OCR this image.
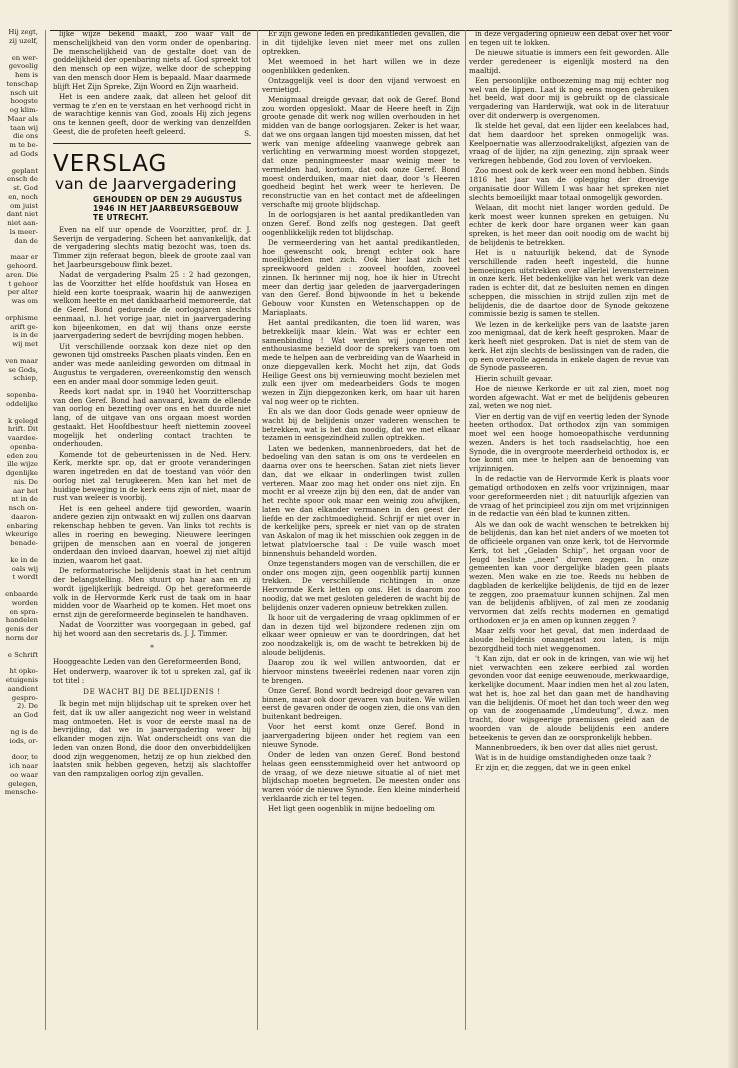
Hij zegt,
zij uzelf,
en wer-
gevoelig
hem is
tenschap
nsch uit
hoogste
og klim-
Maar als
taan wij
die ons
m te be-
ad Gods
geplant
ensch de
st. God
en, noch
om juist
dant niet
niet aan-
ls meer-
dan de
maar er
gehoord.
aren. Die
t gehoor
per alter
was om
orphisme
arift ge-
is in de
wij met
ven maar
se Gods,
schiep,
sopenba-
oddelijke
k gelegd
hrift. Dit
vaardee-
openba-
eden zou
ille wijze
dgenlijke
nis. De
aar het
nt in de
nsch on-
daaron-
enbaring
wkeurige
benade-
ke in de
oals wij
t wordt
enbaarde
worden
en spra-
handelen
genis der
norm der
e Schrift
ht opko-
etuigenis
aandient
gespro-
2). De
an God
ng is de
iods, or-
door, te
ich naar
oo waar
gelegen,
mensche-

lijke wijze bekend maakt, zoo waar valt de menschelijkheid van den vorm onder de openbaring. De menschelijkheid van de gestalte doet van de goddelijkheid der openbaring niets af. God spreekt tot den mensch op een wijze, welke door de schepping van den mensch door Hem is bepaald. Maar daarmede blijft Het Zijn Spreke, Zijn Woord en Zijn waarheid.

Het is een andere zaak, dat alleen het geloof dit vermag te z'en en te verstaan en het verhoogd richt in de warachtige kennis van God, zooals Hij zich jegens ons te kennen geeft, door de werking van denzelfden Geest, die de profeten heeft geleerd.	S.
VERSLAG
van de Jaarvergadering
GEHOUDEN OP DEN 29 AUGUSTUS
1946 IN HET JAARBEURSGEBOUW
TE UTRECHT.

Even na elf uur opende de Voorzitter, prof. dr. J. Severijn de vergadering. Scheen het aanvankelijk, dat de vergadering slechts matig bezocht was, toen ds. Timmer zijn referaat begon, bleek de groote zaal van het Jaarbeursgebouw flink bezet.

Nadat de vergadering Psalm 25 : 2 had gezongen, las de Voorzitter het elfde hoofdstuk van Hosea en hield een korte toespraak, waarin hij de aanwezigen welkom heette en met dankbaarheid memoreerde, dat de Geref. Bond gedurende de oorlogsjaren slechts eenmaal, n.l. het vorige jaar, niet in jaarvergadering kon bijeenkomen, en dat wij thans onze eerste jaarvergadering sedert de bevrijding mogen hebben.

Uit verschillende oorzaak kon deze niet op den gewonen tijd omstreeks Paschen plaats vinden. Een en ander was mede aanleiding geworden om ditmaal in Augustus te vergaderen, overeenkomstig den wensch een en ander maal door sommige leden geuit.

Reeds kort nadat spr. in 1940 het Voorzitterschap van den Geref. Bond had aanvaard, kwam de ellende van oorlog en bezetting over ons en het duurde niet lang, of de uitgave van ons orgaan moest worden gestaakt. Het Hoofdbestuur heeft niettemin zooveel mogelijk het onderling contact trachten te onderhouden.

Komende tot de gebeurtenissen in de Ned. Herv. Kerk, merkte spr. op, dat er groote veranderingen waren ingetreden en dat de toestand van vóór den oorlog niet zal terugkeeren. Men kan het met de huidige beweging in de kerk eens zijn of niet, maar de rust van weleer is voorbij.

Het is een geheel andere tijd geworden, waarin andere gezien zijn ontwaakt en wij zullen ons daarvan rekenschap hebben te geven. Van links tot rechts is alles in roering en beweging. Nieuwere leeringen grijpen de menschen aan en voeral de jongeren onderdaan den invloed daarvan, hoewel zij niet altijd inzien, waarom het gaat.

De reformatorische belijdenis staat in het centrum der belangstelling. Men stuurt op haar aan en zij wordt ijgelijkerlijk bedreigd. Op het gereformeerde volk in de Hervormde Kerk rust de taak om in haar midden voor de Waarheid op te komen. Het moet ons ernst zijn de gereformeerde beginselen te handhaven.

Nadat de Voorzitter was voorgegaan in gebed, gaf hij het woord aan den secretaris ds. J. J. Timmer.

*

Hooggeachte Leden van den Gereformeerden Bond,

Het onderwerp, waarover ik tot u spreken zal, gaf ik tot titel :

DE WACHT BIJ DE BELIJDENIS !

Ik begin met mijn blijdschap uit te spreken over het feit, dat ik uw aller aangezicht nog weer in welstand mag ontmoeten. Het is voor de eerste maal na de bevrijding, dat we in jaarvergadering weer bij elkander mogen zijn. Wat onderscheidt ons van die leden van onzen Bond, die door den onverbiddelijken dood zijn weggenomen, hetzij ze op hun ziekbed den laatsten snik hebben gegeven, hetzij als slachtoffer van den rampzaligen oorlog zijn gevallen.

Er zijn gewone leden en predikantleden gevallen, die in dit tijdelijke leven niet meer met ons zullen optrekken.

Met weemoed in het hart willen we in deze oogenblikken gedenken.

Ontzaggelijk veel is door den vijand verwoest en vernietigd.

Menigmaal dreigde gevaar, dat ook de Geref. Bond zou worden opgeslokt. Maar de Heere heeft in Zijn groote genade dit werk nog willen overhouden in het midden van de bange oorlogsjaren. Zeker is het waar, dat we ons orgaan langen tijd moesten missen, dat het werk van menige afdeeling vaanwege gebrek aan verlichting en verwarming moest worden stopgezet, dat onze penningmeester maar weinig meer te vermelden had, kortom, dat ook onze Geref. Bond moest onderduiken, maar niet daar, door 's Heeren goedheid begint het werk weer te herleven. De reconstructie van en het contact met de afdeelingen verschafte mij groote blijdschap.

In de oorlogsjaren is het aantal predikantleden van onzen Geref. Bond zelfs nog gestegen. Dat geeft oogenblikkelijk reden tot blijdschap.

De vermeerdering van het aantal predikantleden, hoe gewenscht ook, brengt echter ook hare moeilijkheden met zich. Ook hier laat zich het spreekwoord gelden : zooveel hoofden, zooveel zinnen. Ik herinner mij nog, hoe ik hier in Utrecht meer dan dertig jaar geleden de jaarvergaderingen van den Geref. Bond bijwoonde in het u bekende Gebouw voor Kunsten en Wetenschappen op de Mariaplaats.

Het aantal predikanten, die toen lid waren, was betrekkelijk maar klein. Wat was er echter een samenbinding ! Wat werden wij jongeren met enthousiasme bezield door de sprekers van toen om mede te helpen aan de verbreiding van de Waarheid in onze diepgevallen kerk. Mocht het zijn, dat Gods Heilige Geest ons bij vernieuwing mocht bezielen met zulk een ijver om medearbeiders Gods te mogen wezen in Zijn diepgezonken kerk, om haar uit haren val nog weer op te richten.

En als we dan door Gods genade weer opnieuw de wacht bij de belijdenis onzer vaderen wenschen te betrekken, wat is het dan noodig, dat we met elkaar tezamen in eensgezindheid zullen optrekken.

Laten we bedenken, mannenbroeders, dat het de bedoeling van den satan is om ons te verdeelen en daarna over ons te heerschen. Satan ziet niets liever dan, dat we elkaar in onderlingen twist zullen verteren. Maar zoo mag het onder ons niet zijn. En mocht er al vreeze zijn bij den een, dat de ander van het rechte spoor ook maar een weinig zou afwijken, laten we dan elkander vermanen in den geest der liefde en der zachtmoedigheid. Schrijf er niet over in de kerkelijke pers, spreek er niet van op de straten van Askalon of mag ik het misschien ook zeggen in de letwat platvloersche taal : De vuile wasch moet binnenshuis behandeld worden.

Onze tegenstanders mogen van de verschillen, die er onder ons mogen zijn, geen oogenblik partij kunnen trekken. De verschillende richtingen in onze Hervormde Kerk letten op ons. Het is daarom zoo noodig, dat we met gesloten gelederen de wacht bij de belijdenis onzer vaderen opnieuw betrekken zullen.

Ik hoor uit de vergadering de vraag opklimmen of er dan in dezen tijd wel bijzondere redenen zijn om elkaar weer opnieuw er van te doordringen, dat het zoo noodzakelijk is, om de wacht te betrekken bij de aloude belijdenis.

Daarop zou ik wel willen antwoorden, dat er hiervoor minstens tweeërlei redenen naar voren zijn te brengen.

Onze Geref. Bond wordt bedreigd door gevaren van binnen, maar ook door gevaren van buiten. We willen eerst de gevaren onder de oogen zien, die ons van den buitenkant bedreigen.

Voor het eerst komt onze Geref. Bond in jaarvergadering bijeen onder het regiem van een nieuwe Synode.

Onder de leden van onzen Geref. Bond bestond helaas geen eensstemmigheid over het antwoord op de vraag, of we deze nieuwe situatie al of niet met blijdschap moeten begroeten. De meesten onder ons waren vóór de nieuwe Synode. Een kleine minderheid verklaarde zich er tel tegen.

Het ligt geen oogenblik in mijne bedoeling om

in deze vergadering opnieuw een debat over het vóór en tegen uit te lokken.

De nieuwe situatie is immers een feit geworden. Alle verder geredeneer is eigenlijk mosterd na den maaltijd.

Een persoonlijke ontboezeming mag mij echter nog wel van de lippen. Laat ik nog eens mogen gebruiken het beeld, wat door mij is gebruikt op de classicale vergadering van Harderwijk, wat ook in de literatuur over dit onderwerp is overgenomen.

Ik stelde het geval, dat een lijder een keelabces had, dat hem daardoor het spreken onmogelijk was. Keelpoernatie was allerzoodrakelijkst, afgezien van de vraag of de lijder, na zijn genezing, zijn spraak weer verkregen hebbende, God zou loven of vervloeken.

Zoo moest ook de kerk weer een mond hebben. Sinds 1816 het jaar van de oplegging der droevige organisatie door Willem I was haar het spreken niet slechts bemoeilijkt maar totaal onmogelijk geworden.

Welaan, dit mocht niet langer worden geduld. De kerk moest weer kunnen spreken en getuigen. Nu echter de kerk door hare organen weer kan gaan spreken, is het meer dan ooit noodig om de wacht bij de belijdenis te betrekken.

Het is u natuurlijk bekend, dat de Synode verschillende raden heeft ingesteld, die hunne bemoeiingen uitstrekken over allerlei levensterreinen in onze kerk. Het bedenkelijke van het werk van deze raden is echter dit, dat ze besluiten nemen en dingen scheppen, die misschien in strijd zullen zijn met de belijdenis, die de daartoe door de Synode gekozene commissie bezig is samen te stellen.

We lezen in de kerkelijke pers van de laatste jaren zoo menigmaal, dat de kerk heeft gesproken. Maar de kerk heeft niet gesproken. Dat is niet de stem van de kerk. Het zijn slechts de beslissingen van de raden, die op een overvolle agenda in enkele dagen de revue van de Synode passeeren.

Hierin schuilt gevaar.

Hoe de nieuwe Kerkorde er uit zal zien, moet nog worden afgewacht. Wat er met de belijdenis gebeuren zal, weten we nog niet.

Vier en dertig van de vijf en veertig leden der Synode heeten orthodox. Dat orthodox zijn van sommigen moet wel een hooge homoeopathische verdunning wezen. Anders is het toch raadselachtig, hoe een Synode, die in overgroote meerderheid orthodox is, er toe komt om mee te helpen aan de benoeming van vrijzinnigen.

In de redactie van de Hervormde Kerk is plaats voor gematigd orthodoxen en zelfs voor vrijzinnigen, maar voor gereformeerden niet ; dit natuurlijk afgezien van de vraag of het principieel zou zijn om met vrijzinnigen in de redactie van één blad te kunnen zitten.

Als we dan ook de wacht wenschen te betrekken bij de belijdenis, dan kan het niet anders of we moeten tot de officieele organen van onze kerk, tot de Hervormde Kerk, tot het „Geladen Schip”, het orgaan voor de Jeugd besliste „neen” durven zeggen. In onze gemeenten kan voor dergelijke bladen geen plaats wezen. Men wake en zie toe. Reeds nu hebben de dagbladen de kerkelijke belijdenis, de tijd en de lezer te zeggen, zoo praematuur kunnen schijnen. Zal men van de belijdenis afblijven, of zal men ze zoodanig vervormen dat zelfs rechts modernen en gematigd orthodoxen er ja en amen op kunnen zeggen ?

Maar zelfs voor het geval, dat men inderdaad de aloude belijdenis onaangetast zou laten, is mijn bezorgdheid toch niet weggenomen.

't Kan zijn, dat er ook in de kringen, van wie wij het niet verwachten een zekere eerbied zal worden gevonden voor dat eenige eeuwenoude, merkwaardige, kerkelijke document. Maar indien men het al zou laten, wat het is, hoe zal het dan gaan met de handhaving van die belijdenis. Of moet het dan toch weer den weg op van de zoogenaamde „Umdeutung”, d.w.z. men tracht, door wijsgeerige praemissen geleid aan de woorden van de aloude belijdenis een andere beteekenis te geven dan ze oorspronkelijk hebben.

Mannenbroeders, ik ben over dat alles niet gerust.

Wat is in de huidige omstandigheden onze taak ?

Er zijn er, die zeggen, dat we in geen enkel
